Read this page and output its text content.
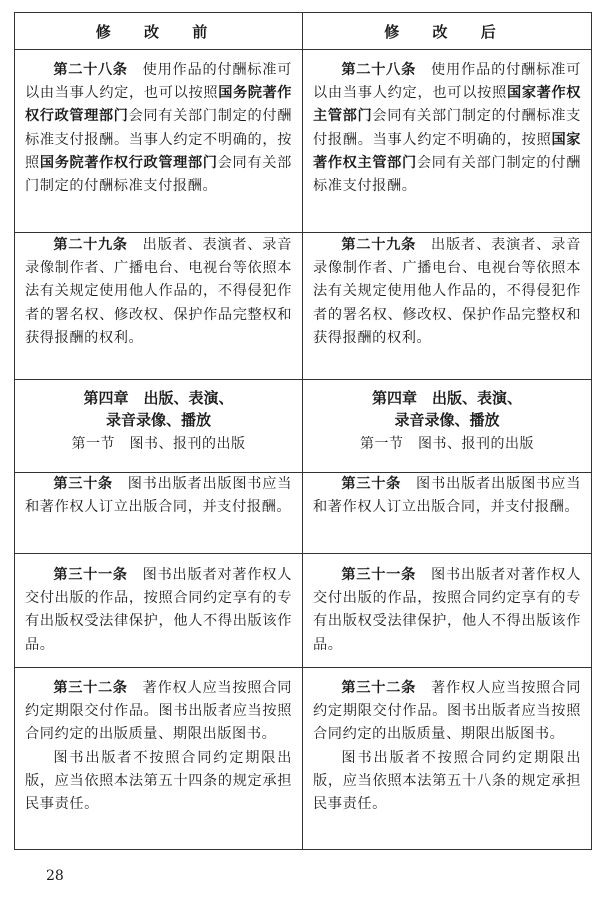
修 改 前	修 改 后

第二十八条　使用作品的付酬标准可以由当事人约定，也可以按照国务院著作权行政管理部门会同有关部门制定的付酬标准支付报酬。当事人约定不明确的，按照国务院著作权行政管理部门会同有关部门制定的付酬标准支付报酬。

第二十八条　使用作品的付酬标准可以由当事人约定，也可以按照国家著作权主管部门会同有关部门制定的付酬标准支付报酬。当事人约定不明确的，按照国家著作权主管部门会同有关部门制定的付酬标准支付报酬。

第二十九条　出版者、表演者、录音录像制作者、广播电台、电视台等依照本法有关规定使用他人作品的，不得侵犯作者的署名权、修改权、保护作品完整权和获得报酬的权利。

第二十九条　出版者、表演者、录音录像制作者、广播电台、电视台等依照本法有关规定使用他人作品的，不得侵犯作者的署名权、修改权、保护作品完整权和获得报酬的权利。

第四章　出版、表演、

录音录像、播放

第一节　图书、报刊的出版

第四章　出版、表演、

录音录像、播放

第一节　图书、报刊的出版

第三十条　图书出版者出版图书应当和著作权人订立出版合同，并支付报酬。

第三十条　图书出版者出版图书应当和著作权人订立出版合同，并支付报酬。

第三十一条　图书出版者对著作权人交付出版的作品，按照合同约定享有的专有出版权受法律保护，他人不得出版该作品。

第三十一条　图书出版者对著作权人交付出版的作品，按照合同约定享有的专有出版权受法律保护，他人不得出版该作品。

第三十二条　著作权人应当按照合同约定期限交付作品。图书出版者应当按照合同约定的出版质量、期限出版图书。

图书出版者不按照合同约定期限出版，应当依照本法第五十四条的规定承担民事责任。

第三十二条　著作权人应当按照合同约定期限交付作品。图书出版者应当按照合同约定的出版质量、期限出版图书。

图书出版者不按照合同约定期限出版，应当依照本法第五十八条的规定承担民事责任。

28
